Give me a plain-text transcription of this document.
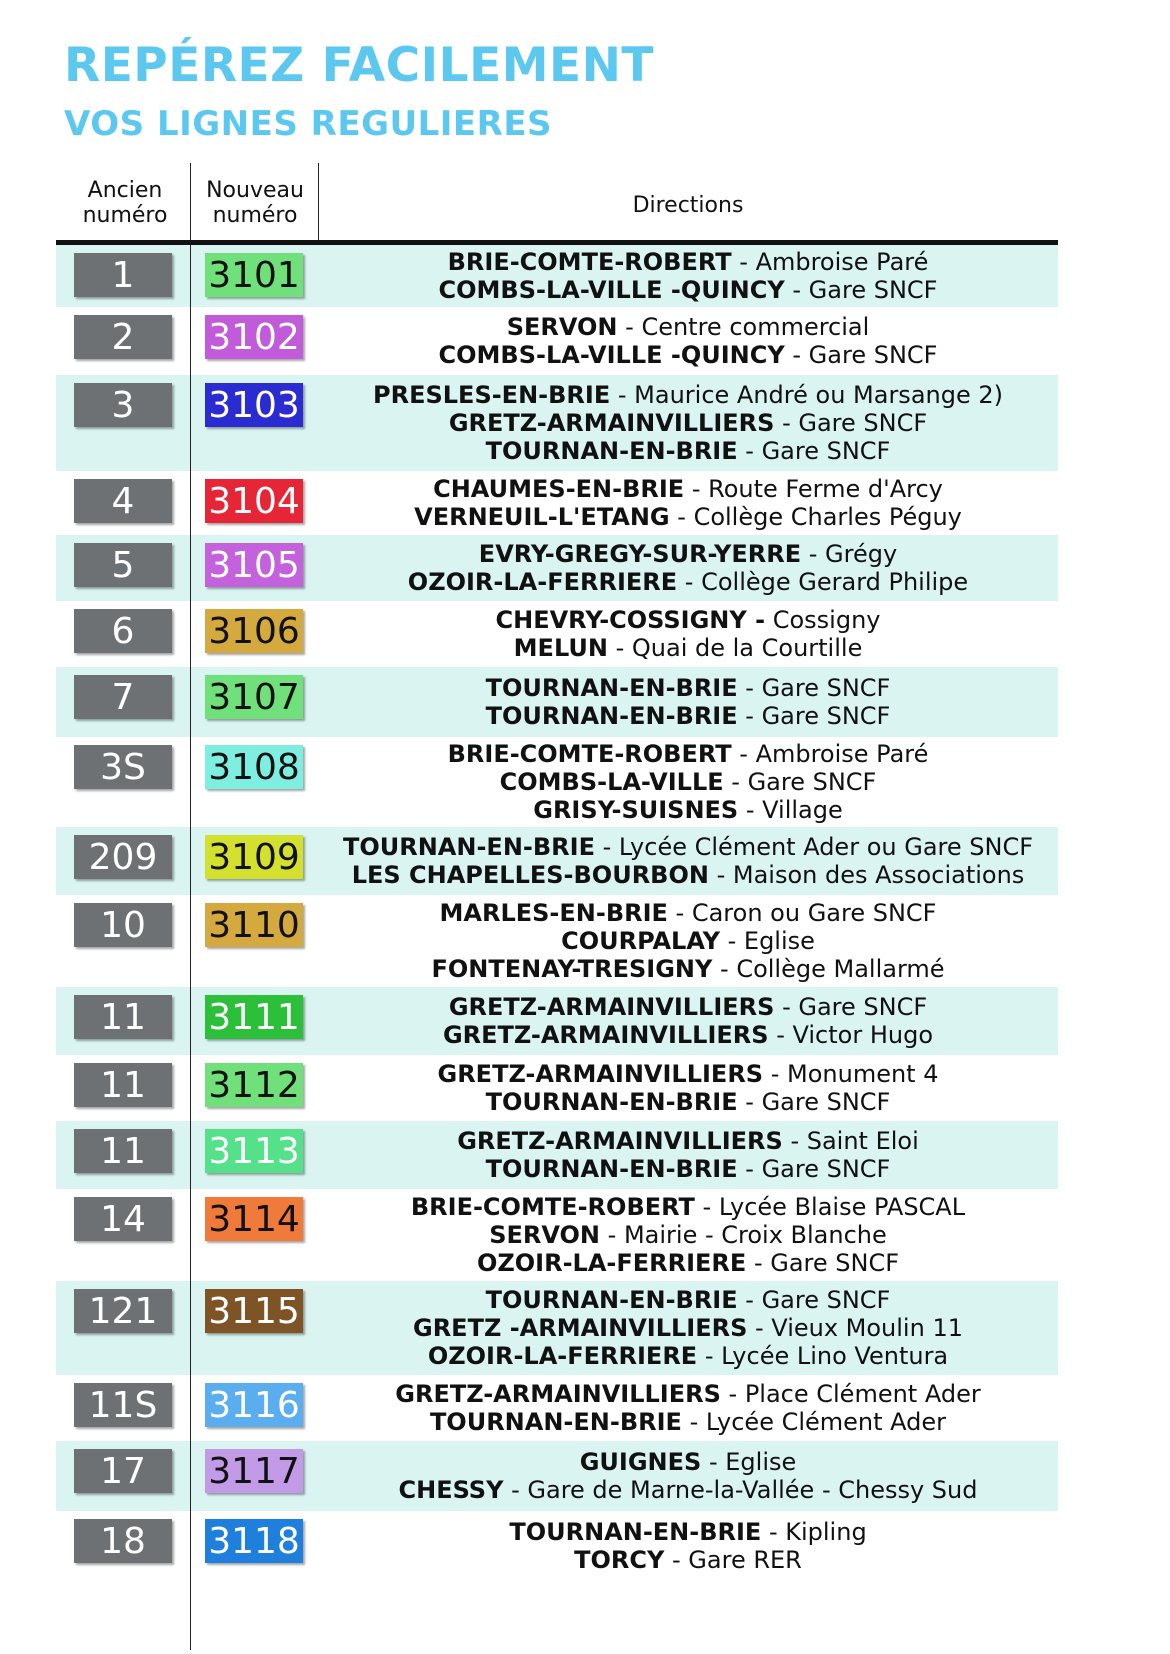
REPÉREZ FACILEMENT
VOS LIGNES REGULIERES
Ancien
numéro
Nouveau
numéro	Directions
1	3101	BRIE-COMTE-ROBERT - Ambroise Paré
COMBS-LA-VILLE -QUINCY - Gare SNCF
2	3102	SERVON - Centre commercial
COMBS-LA-VILLE -QUINCY - Gare SNCF
3	3103	PRESLES-EN-BRIE - Maurice André ou Marsange 2)
GRETZ-ARMAINVILLIERS - Gare SNCF
TOURNAN-EN-BRIE - Gare SNCF
4	3104	CHAUMES-EN-BRIE - Route Ferme d'Arcy
VERNEUIL-L'ETANG - Collège Charles Péguy
5	3105	EVRY-GREGY-SUR-YERRE - Grégy
OZOIR-LA-FERRIERE - Collège Gerard Philipe
6	3106	CHEVRY-COSSIGNY - Cossigny
MELUN - Quai de la Courtille
7	3107	TOURNAN-EN-BRIE - Gare SNCF
TOURNAN-EN-BRIE - Gare SNCF
3S	3108	BRIE-COMTE-ROBERT - Ambroise Paré
COMBS-LA-VILLE - Gare SNCF
GRISY-SUISNES - Village
209	3109	TOURNAN-EN-BRIE - Lycée Clément Ader ou Gare SNCF
LES CHAPELLES-BOURBON - Maison des Associations
10	3110	MARLES-EN-BRIE - Caron ou Gare SNCF
COURPALAY - Eglise
FONTENAY-TRESIGNY - Collège Mallarmé
11	3111	GRETZ-ARMAINVILLIERS - Gare SNCF
GRETZ-ARMAINVILLIERS - Victor Hugo
11	3112	GRETZ-ARMAINVILLIERS - Monument 4
TOURNAN-EN-BRIE - Gare SNCF
11	3113	GRETZ-ARMAINVILLIERS - Saint Eloi
TOURNAN-EN-BRIE - Gare SNCF
14	3114	BRIE-COMTE-ROBERT - Lycée Blaise PASCAL
SERVON - Mairie - Croix Blanche
OZOIR-LA-FERRIERE - Gare SNCF
121	3115	TOURNAN-EN-BRIE - Gare SNCF
GRETZ -ARMAINVILLIERS - Vieux Moulin 11
OZOIR-LA-FERRIERE - Lycée Lino Ventura
11S	3116	GRETZ-ARMAINVILLIERS - Place Clément Ader
TOURNAN-EN-BRIE - Lycée Clément Ader
17	3117	GUIGNES - Eglise
CHESSY - Gare de Marne-la-Vallée - Chessy Sud
18	3118	TOURNAN-EN-BRIE - Kipling
TORCY - Gare RER
